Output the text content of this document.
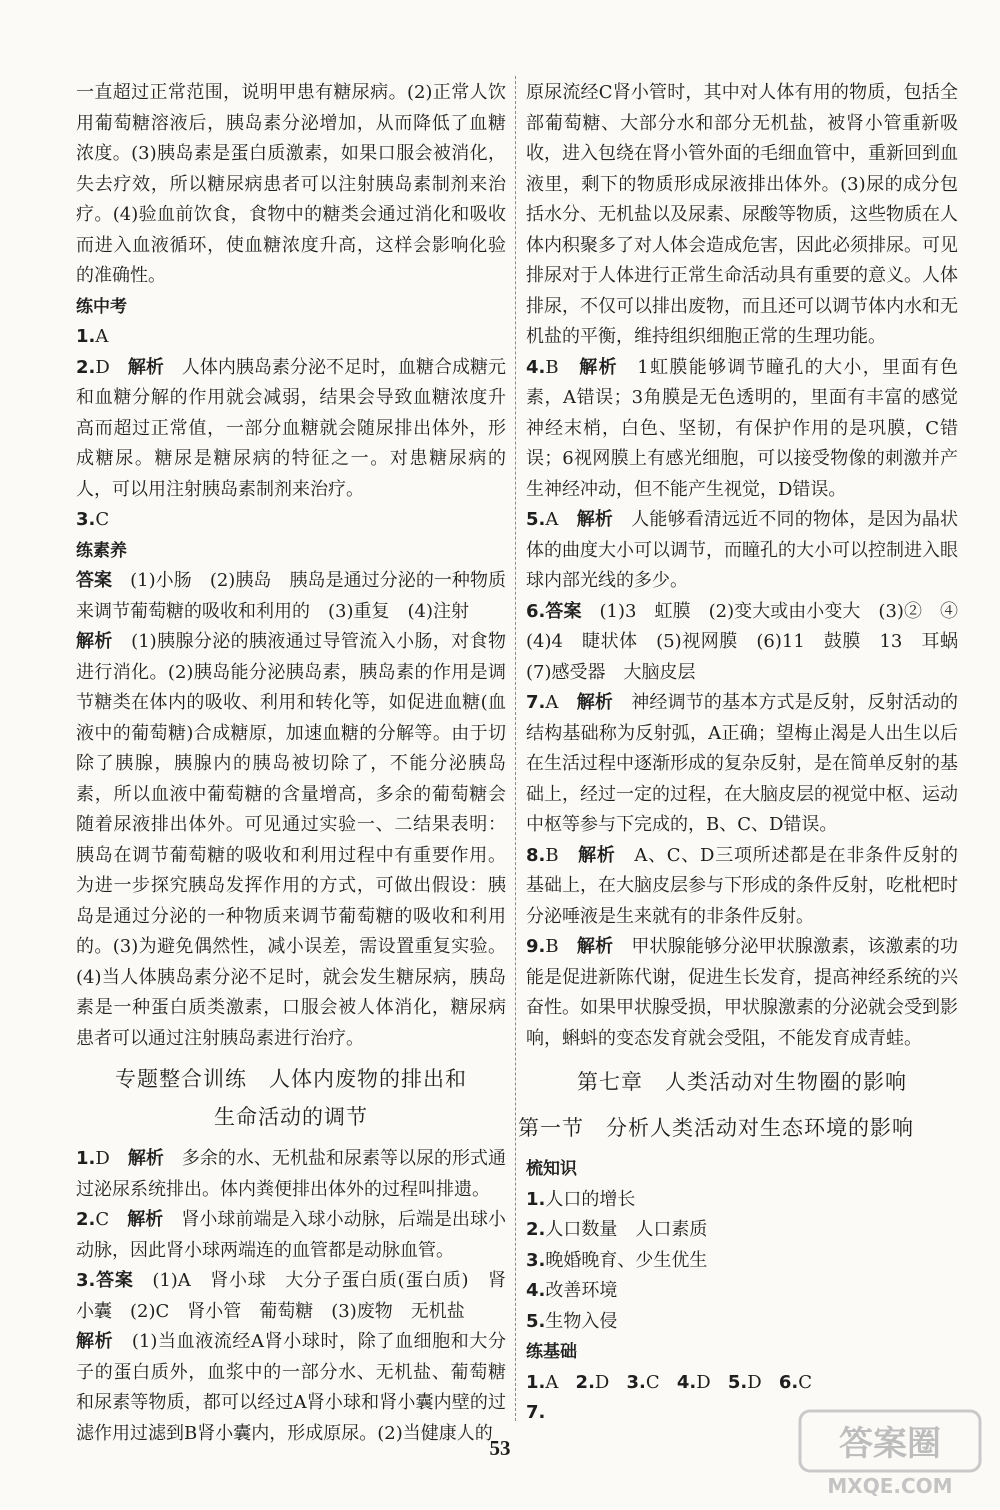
一直超过正常范围，说明甲患有糖尿病。(2)正常人饮用葡萄糖溶液后，胰岛素分泌增加，从而降低了血糖浓度。(3)胰岛素是蛋白质激素，如果口服会被消化，失去疗效，所以糖尿病患者可以注射胰岛素制剂来治疗。(4)验血前饮食，食物中的糖类会通过消化和吸收而进入血液循环，使血糖浓度升高，这样会影响化验的准确性。

练中考

1.A

2.D　 解析　 人体内胰岛素分泌不足时，血糖合成糖元和血糖分解的作用就会减弱，结果会导致血糖浓度升高而超过正常值，一部分血糖就会随尿排出体外，形成糖尿。糖尿是糖尿病的特征之一。对患糖尿病的人，可以用注射胰岛素制剂来治疗。

3.C

练素养

答案　 (1)小肠　(2)胰岛　胰岛是通过分泌的一种物质来调节葡萄糖的吸收和利用的　(3)重复　(4)注射

解析　 (1)胰腺分泌的胰液通过导管流入小肠，对食物进行消化。(2)胰岛能分泌胰岛素，胰岛素的作用是调节糖类在体内的吸收、利用和转化等，如促进血糖(血液中的葡萄糖)合成糖原，加速血糖的分解等。由于切除了胰腺，胰腺内的胰岛被切除了，不能分泌胰岛素，所以血液中葡萄糖的含量增高，多余的葡萄糖会随着尿液排出体外。可见通过实验一、二结果表明：胰岛在调节葡萄糖的吸收和利用过程中有重要作用。为进一步探究胰岛发挥作用的方式，可做出假设：胰岛是通过分泌的一种物质来调节葡萄糖的吸收和利用的。(3)为避免偶然性，减小误差，需设置重复实验。(4)当人体胰岛素分泌不足时，就会发生糖尿病，胰岛素是一种蛋白质类激素，口服会被人体消化，糖尿病患者可以通过注射胰岛素进行治疗。

专题整合训练　人体内废物的排出和
生命活动的调节

1.D　 解析　 多余的水、无机盐和尿素等以尿的形式通过泌尿系统排出。体内粪便排出体外的过程叫排遗。

2.C　 解析　 肾小球前端是入球小动脉，后端是出球小动脉，因此肾小球两端连的血管都是动脉血管。

3.答案　 (1)A　肾小球　大分子蛋白质(蛋白质)　肾小囊　(2)C　肾小管　葡萄糖　(3)废物　无机盐

解析　 (1)当血液流经A肾小球时，除了血细胞和大分子的蛋白质外，血浆中的一部分水、无机盐、葡萄糖和尿素等物质，都可以经过A肾小球和肾小囊内壁的过滤作用过滤到B肾小囊内，形成原尿。(2)当健康人的

原尿流经C肾小管时，其中对人体有用的物质，包括全部葡萄糖、大部分水和部分无机盐，被肾小管重新吸收，进入包绕在肾小管外面的毛细血管中，重新回到血液里，剩下的物质形成尿液排出体外。(3)尿的成分包括水分、无机盐以及尿素、尿酸等物质，这些物质在人体内积聚多了对人体会造成危害，因此必须排尿。可见排尿对于人体进行正常生命活动具有重要的意义。人体排尿，不仅可以排出废物，而且还可以调节体内水和无机盐的平衡，维持组织细胞正常的生理功能。

4.B　 解析　 1虹膜能够调节瞳孔的大小，里面有色素，A错误；3角膜是无色透明的，里面有丰富的感觉神经末梢，白色、坚韧，有保护作用的是巩膜，C错误；6视网膜上有感光细胞，可以接受物像的刺激并产生神经冲动，但不能产生视觉，D错误。

5.A　 解析　 人能够看清远近不同的物体，是因为晶状体的曲度大小可以调节，而瞳孔的大小可以控制进入眼球内部光线的多少。

6.答案　 (1)3　虹膜　(2)变大或由小变大　(3)②　④　(4)4　睫状体　(5)视网膜　(6)11　鼓膜　13　耳蜗　(7)感受器　大脑皮层

7.A　 解析　 神经调节的基本方式是反射，反射活动的结构基础称为反射弧，A正确；望梅止渴是人出生以后在生活过程中逐渐形成的复杂反射，是在简单反射的基础上，经过一定的过程，在大脑皮层的视觉中枢、运动中枢等参与下完成的，B、C、D错误。

8.B　 解析　 A、C、D三项所述都是在非条件反射的基础上，在大脑皮层参与下形成的条件反射，吃枇杷时分泌唾液是生来就有的非条件反射。

9.B　 解析　 甲状腺能够分泌甲状腺激素，该激素的功能是促进新陈代谢，促进生长发育，提高神经系统的兴奋性。如果甲状腺受损，甲状腺激素的分泌就会受到影响，蝌蚪的变态发育就会受阻，不能发育成青蛙。

第七章　人类活动对生物圈的影响
第一节　分析人类活动对生态环境的影响

梳知识

1.人口的增长

2.人口数量　人口素质

3.晚婚晚育、少生优生

4.改善环境

5.生物入侵

练基础

1.A 2.D 3.C 4.D 5.D 6.C

7.

53	答案圈
MXQE.COM
